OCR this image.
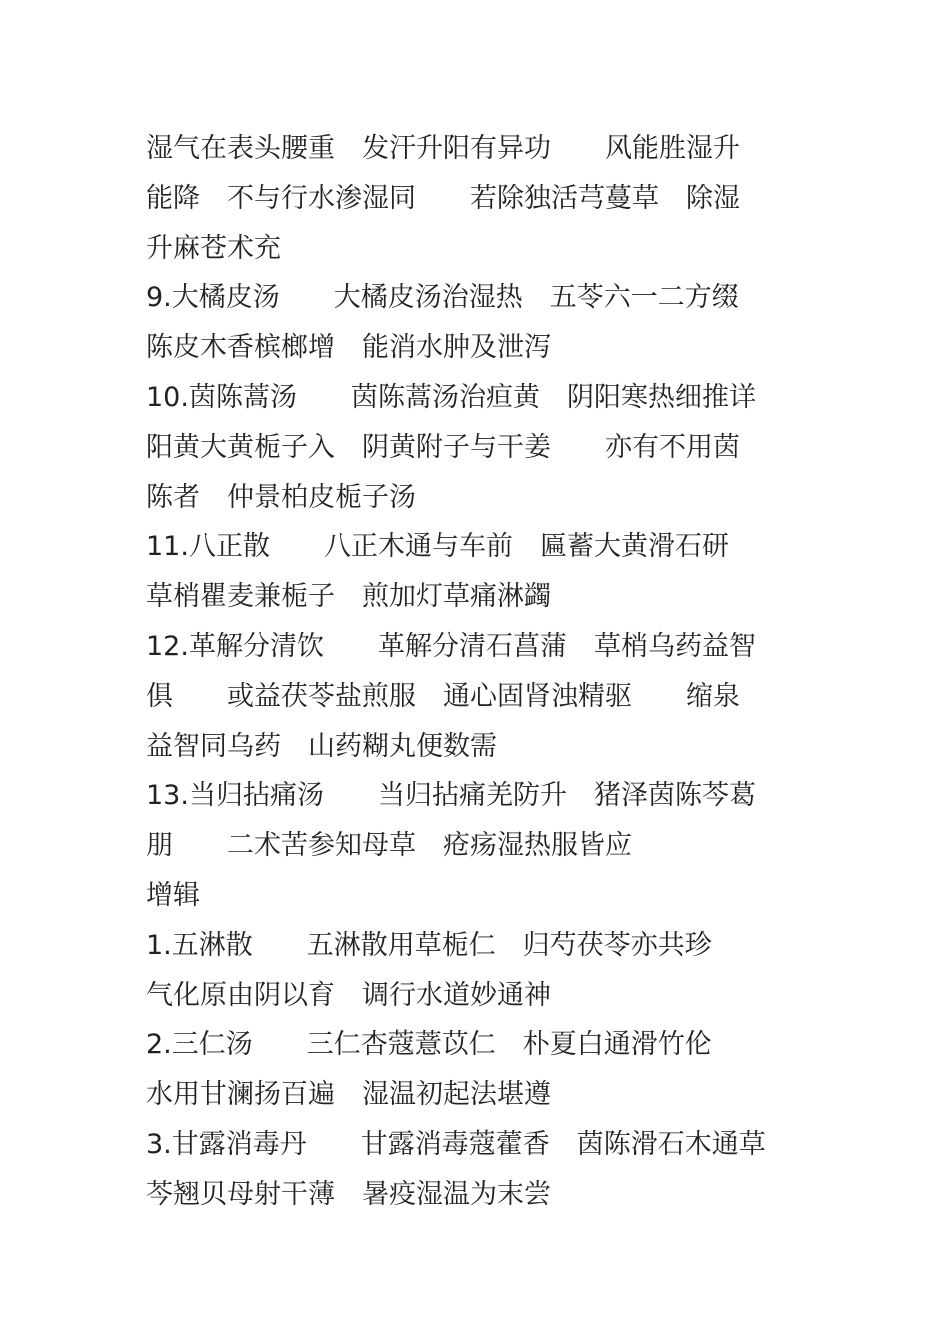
湿气在表头腰重　发汗升阳有异功　　风能胜湿升
能降　不与行水渗湿同　　若除独活芎蔓草　除湿
升麻苍术充
9.大橘皮汤　　大橘皮汤治湿热　五苓六一二方缀
陈皮木香槟榔增　能消水肿及泄泻
10.茵陈蒿汤　　茵陈蒿汤治疸黄　阴阳寒热细推详
阳黄大黄栀子入　阴黄附子与干姜　　亦有不用茵
陈者　仲景柏皮栀子汤
11.八正散　　八正木通与车前　匾蓄大黄滑石研
草梢瞿麦兼栀子　煎加灯草痛淋蠲
12.革解分清饮　　革解分清石菖蒲　草梢乌药益智
俱　　或益茯苓盐煎服　通心固肾浊精驱　　缩泉
益智同乌药　山药糊丸便数需
13.当归拈痛汤　　当归拈痛羌防升　猪泽茵陈芩葛
朋　　二术苦参知母草　疮疡湿热服皆应
增辑
1.五淋散　　五淋散用草栀仁　归芍茯苓亦共珍
气化原由阴以育　调行水道妙通神
2.三仁汤　　三仁杏蔻薏苡仁　朴夏白通滑竹伦
水用甘澜扬百遍　湿温初起法堪遵
3.甘露消毒丹　　甘露消毒蔻藿香　茵陈滑石木通草
芩翘贝母射干薄　暑疫湿温为末尝
